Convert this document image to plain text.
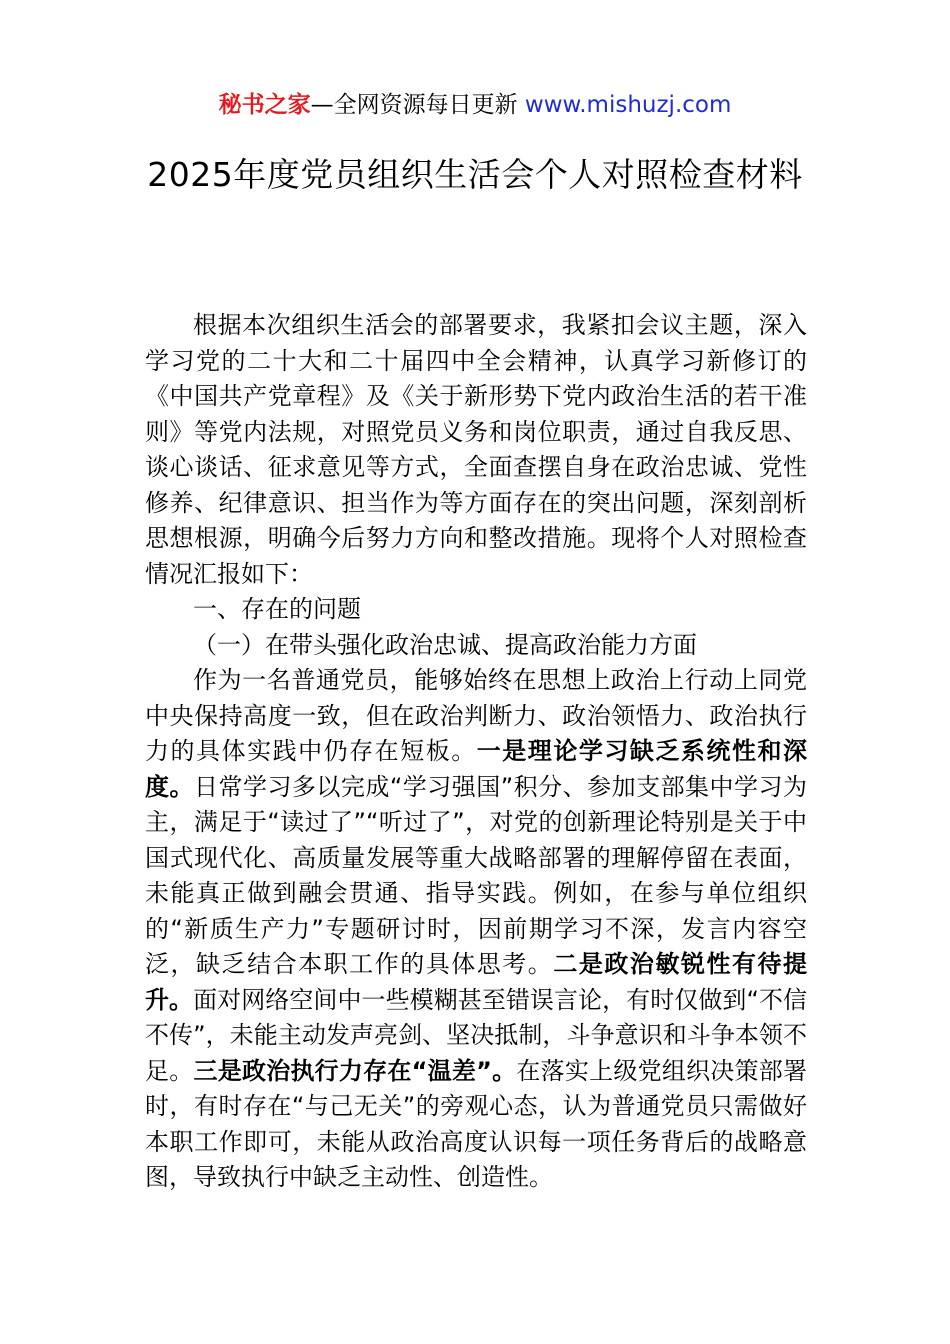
秘书之家—全网资源每日更新 www.mishuzj.com
2025年度党员组织生活会个人对照检查材料

根据本次组织生活会的部署要求，我紧扣会议主题，深入学习党的二十大和二十届四中全会精神，认真学习新修订的《中国共产党章程》及《关于新形势下党内政治生活的若干准则》等党内法规，对照党员义务和岗位职责，通过自我反思、谈心谈话、征求意见等方式，全面查摆自身在政治忠诚、党性修养、纪律意识、担当作为等方面存在的突出问题，深刻剖析思想根源，明确今后努力方向和整改措施。现将个人对照检查情况汇报如下：

一、存在的问题

（一）在带头强化政治忠诚、提高政治能力方面

作为一名普通党员，能够始终在思想上政治上行动上同党中央保持高度一致，但在政治判断力、政治领悟力、政治执行力的具体实践中仍存在短板。一是理论学习缺乏系统性和深度。日常学习多以完成“学习强国”积分、参加支部集中学习为主，满足于“读过了”“听过了”，对党的创新理论特别是关于中国式现代化、高质量发展等重大战略部署的理解停留在表面，未能真正做到融会贯通、指导实践。例如，在参与单位组织的“新质生产力”专题研讨时，因前期学习不深，发言内容空泛，缺乏结合本职工作的具体思考。二是政治敏锐性有待提升。面对网络空间中一些模糊甚至错误言论，有时仅做到“不信不传”，未能主动发声亮剑、坚决抵制，斗争意识和斗争本领不足。三是政治执行力存在“温差”。在落实上级党组织决策部署时，有时存在“与己无关”的旁观心态，认为普通党员只需做好本职工作即可，未能从政治高度认识每一项任务背后的战略意图，导致执行中缺乏主动性、创造性。
